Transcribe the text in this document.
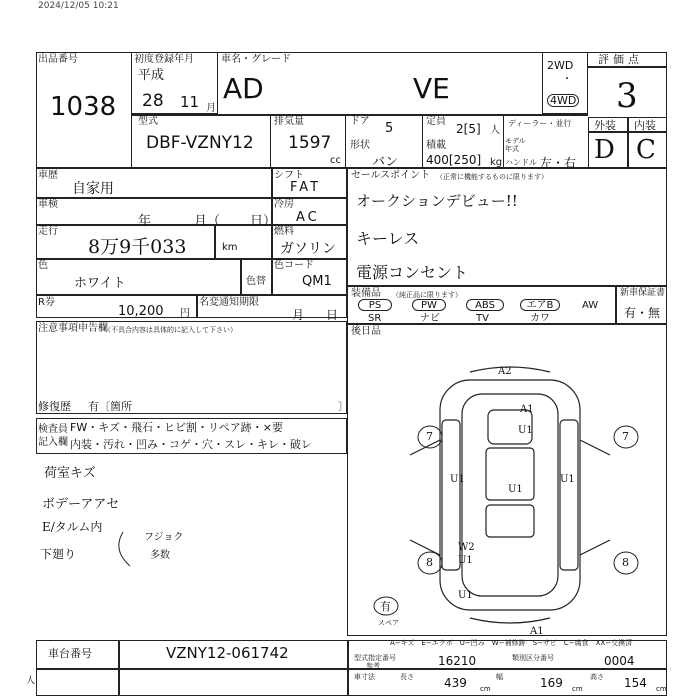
2024/12/05 10:21
出品番号
1038
初度登録年月
平成
28 11 月
車名・グレード
AD	VE
2WD
・
4WD
評価点
3
外装 内装
D C
型式
DBF-VZNY12
排気量
1597
cc
ドア 5
形状
バン
定員
2[5] 人
積載
400[250] kg
ディーラー・並行
モデル年式
ハンドル 左・右
車歴
自家用
シフト
FAT
車検
年	月（ 日）
冷房
AC
走行
8万9千033	km
燃料
ガソリン
色
ホワイト	色替
色コード
QM1
R券
10,200 円
名変通知期限
月 日
注意事項申告欄
（不具合内容は具体的に記入して下さい）
修復歴 有〔箇所	〕
セールスポイント （正常に機能するものに限ります）
オークションデビュー!!
キーレス
電源コンセント
装備品 （純正品に限ります）
PS	PW	ABS	エアB
SR	ナビ	TV	カワ
AW
新車保証書
有・無
後日品
検査員
記入欄
FW・キズ・飛石・ヒビ割・リペア跡・×要
内装・汚れ・凹み・コゲ・穴・スレ・キレ・破レ
荷室キズ
ボデーアアセ
E/タルム内
下廻り
フジョク
多数
A2
A1
U1
7	7
U1
U1
U1
W2
U1
8	8
U1
A1
有
スペア
A−キズ　E−エクボ　U−凹み　W−補修跡　S−サビ　C−腐食　XX−交換済
車台番号	VZNY12-061742	型式指定番号
参考	16210	類別区分番号	0004
車寸法	長さ	439 cm
幅	169 cm
高さ 154 cm
人
